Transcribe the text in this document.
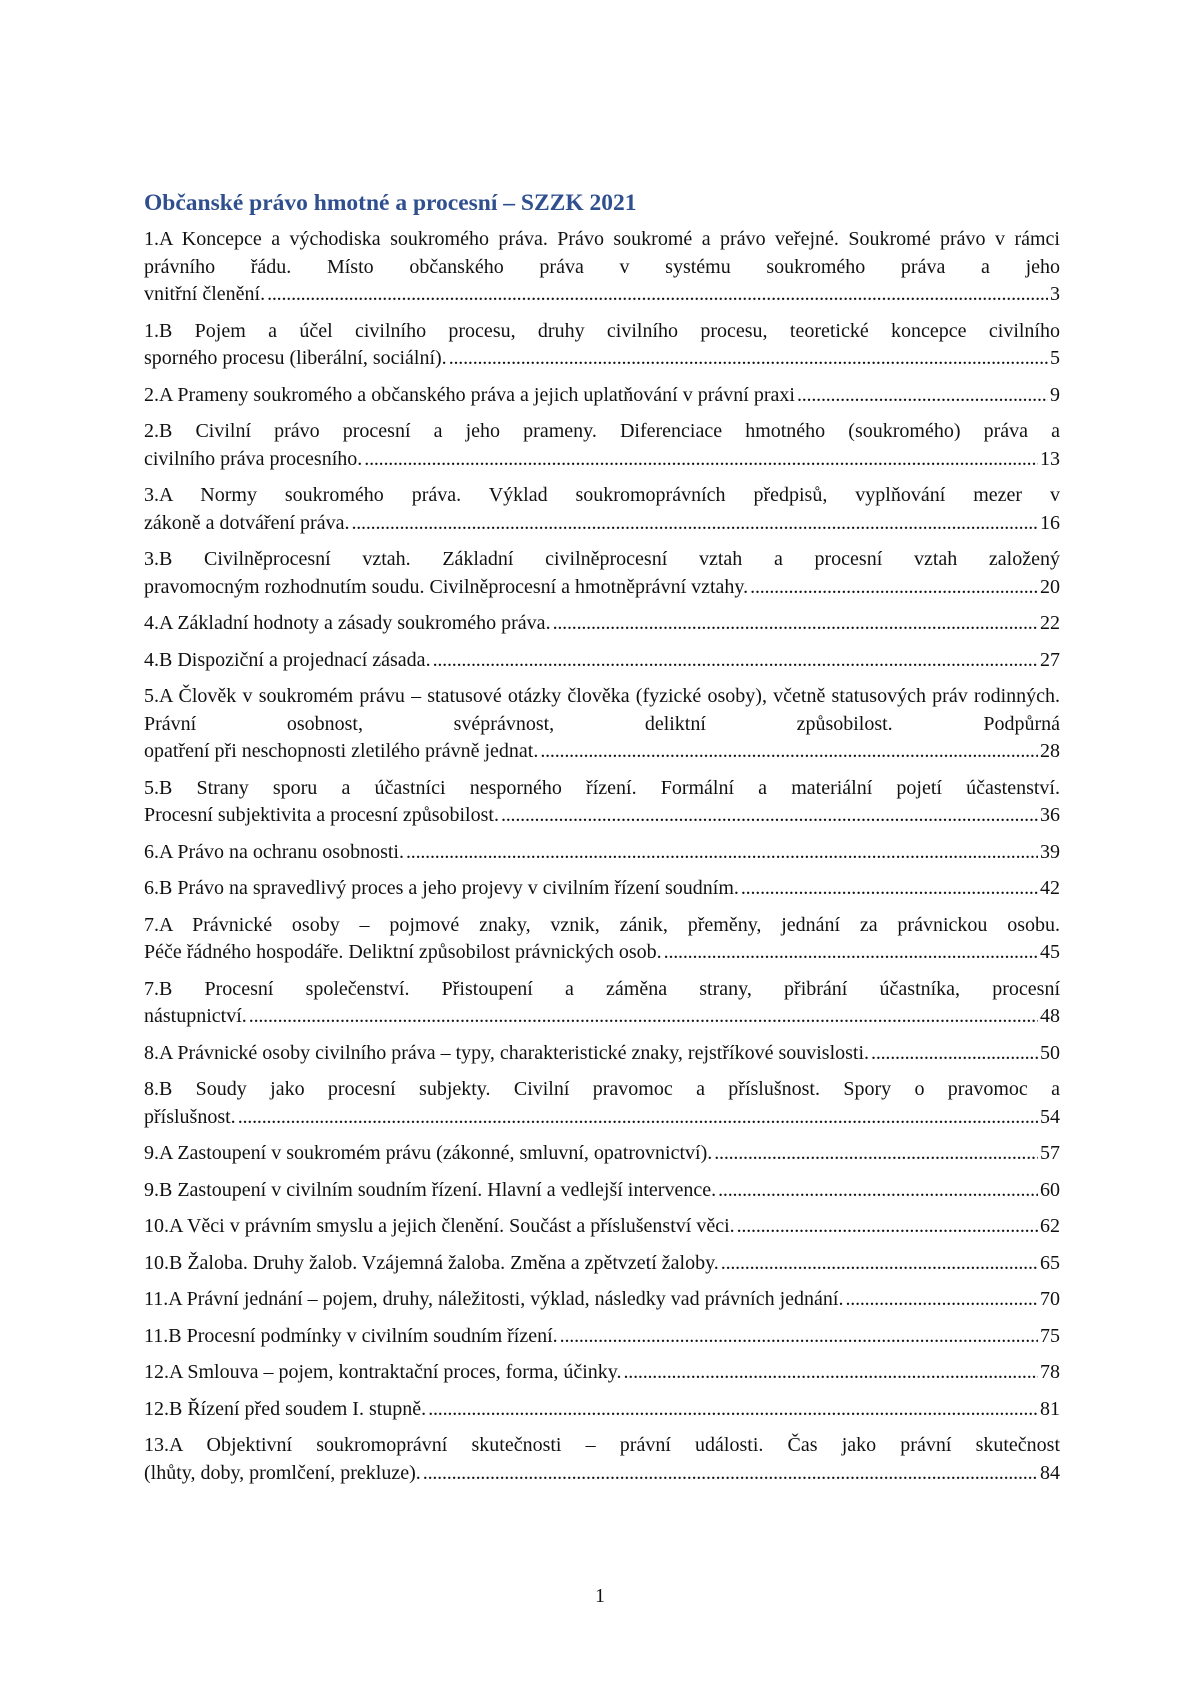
Občanské právo hmotné a procesní – SZZK 2021
1.A Koncepce a východiska soukromého práva. Právo soukromé a právo veřejné. Soukromé právo v rámci právního řádu. Místo občanského práva v systému soukromého práva a jeho
vnitřní členění. . . .	3
1.B Pojem a účel civilního procesu, druhy civilního procesu, teoretické koncepce civilního
sporného procesu (liberální, sociální). . . .	5
2.A Prameny soukromého a občanského práva a jejich uplatňování v právní praxi . . .	9
2.B Civilní právo procesní a jeho prameny. Diferenciace hmotného (soukromého) práva a
civilního práva procesního. . . .	13
3.A Normy soukromého práva. Výklad soukromoprávních předpisů, vyplňování mezer v
zákoně a dotváření práva. . . .	16
3.B Civilněprocesní vztah. Základní civilněprocesní vztah a procesní vztah založený
pravomocným rozhodnutím soudu. Civilněprocesní a hmotněprávní vztahy. . . .	20
4.A Základní hodnoty a zásady soukromého práva. . . .	22
4.B Dispoziční a projednací zásada. . . .	27
5.A Člověk v soukromém právu – statusové otázky člověka (fyzické osoby), včetně statusových práv rodinných. Právní osobnost, svéprávnost, deliktní způsobilost. Podpůrná
opatření při neschopnosti zletilého právně jednat. . . .	28
5.B Strany sporu a účastníci nesporného řízení. Formální a materiální pojetí účastenství.
Procesní subjektivita a procesní způsobilost. . . .	36
6.A Právo na ochranu osobnosti. . . .	39
6.B Právo na spravedlivý proces a jeho projevy v civilním řízení soudním. . . .	42
7.A Právnické osoby – pojmové znaky, vznik, zánik, přeměny, jednání za právnickou osobu.
Péče řádného hospodáře. Deliktní způsobilost právnických osob. . . .	45
7.B Procesní společenství. Přistoupení a záměna strany, přibrání účastníka, procesní
nástupnictví. . . .	48
8.A Právnické osoby civilního práva – typy, charakteristické znaky, rejstříkové souvislosti. . . .	50
8.B Soudy jako procesní subjekty. Civilní pravomoc a příslušnost. Spory o pravomoc a
příslušnost. . . .	54
9.A Zastoupení v soukromém právu (zákonné, smluvní, opatrovnictví). . . .	57
9.B Zastoupení v civilním soudním řízení. Hlavní a vedlejší intervence. . . .	60
10.A Věci v právním smyslu a jejich členění. Součást a příslušenství věci. . . .	62
10.B Žaloba. Druhy žalob. Vzájemná žaloba. Změna a zpětvzetí žaloby. . . .	65
11.A Právní jednání – pojem, druhy, náležitosti, výklad, následky vad právních jednání. . . .	70
11.B Procesní podmínky v civilním soudním řízení. . . .	75
12.A Smlouva – pojem, kontraktační proces, forma, účinky. . . .	78
12.B Řízení před soudem I. stupně. . . .	81
13.A Objektivní soukromoprávní skutečnosti – právní události. Čas jako právní skutečnost
(lhůty, doby, promlčení, prekluze). . . .	84
1
